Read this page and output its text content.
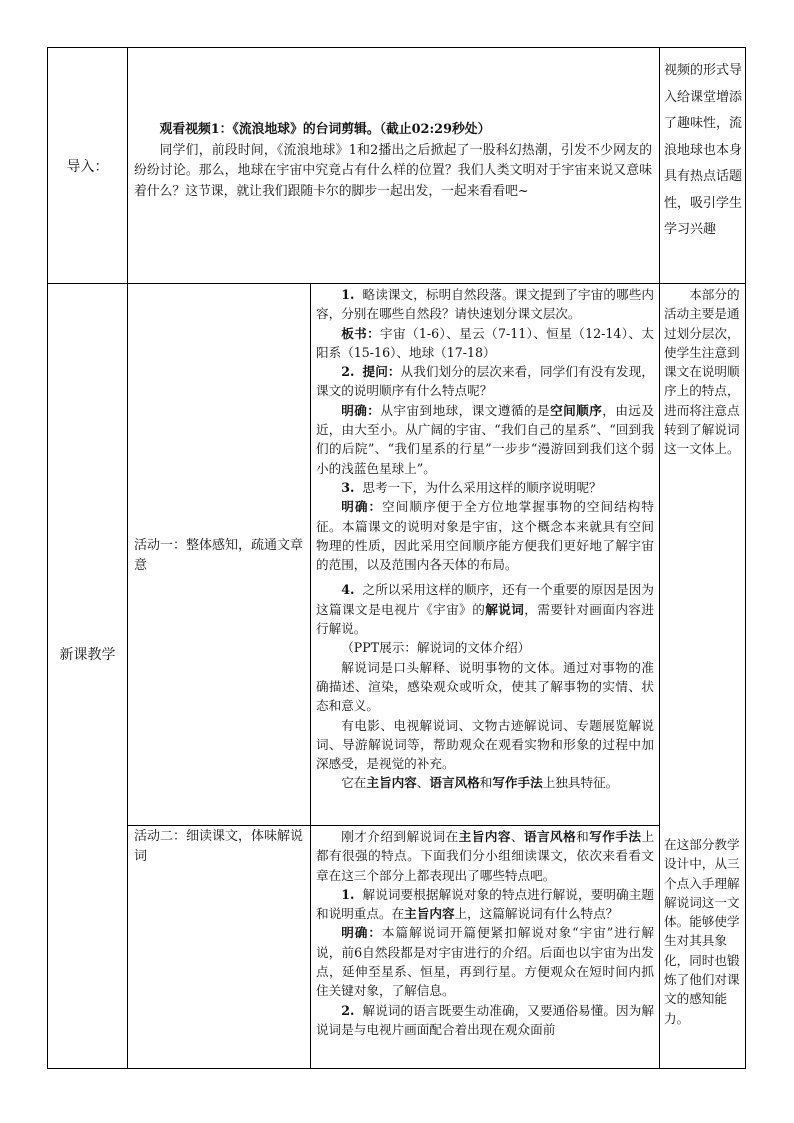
导入：

观看视频1：《流浪地球》的台词剪辑。（截止02:29秒处）

同学们，前段时间，《流浪地球》1和2播出之后掀起了一股科幻热潮，引发不少网友的纷纷讨论。那么，地球在宇宙中究竟占有什么样的位置？我们人类文明对于宇宙来说又意味着什么？这节课，就让我们跟随卡尔的脚步一起出发，一起来看看吧~

视频的形式导入给课堂增添了趣味性，流浪地球也本身具有热点话题性，吸引学生学习兴趣
新课教学
活动一：整体感知，疏通文章意

1. 略读课文，标明自然段落。课文提到了宇宙的哪些内容，分别在哪些自然段？请快速划分课文层次。

板书：宇宙（1-6）、星云（7-11）、恒星（12-14）、太阳系（15-16）、地球（17-18）

2. 提问：从我们划分的层次来看，同学们有没有发现，课文的说明顺序有什么特点呢？

明确：从宇宙到地球，课文遵循的是空间顺序，由远及近，由大至小。从广阔的宇宙、“我们自己的星系”、“回到我们的后院”、“我们星系的行星”一步步“漫游回到我们这个弱小的浅蓝色星球上”。

3. 思考一下，为什么采用这样的顺序说明呢？

明确：空间顺序便于全方位地掌握事物的空间结构特征。本篇课文的说明对象是宇宙，这个概念本来就具有空间物理的性质，因此采用空间顺序能方便我们更好地了解宇宙的范围，以及范围内各天体的布局。

4. 之所以采用这样的顺序，还有一个重要的原因是因为这篇课文是电视片《宇宙》的解说词，需要针对画面内容进行解说。

（PPT展示：解说词的文体介绍）

解说词是口头解释、说明事物的文体。通过对事物的准确描述、渲染，感染观众或听众，使其了解事物的实情、状态和意义。

有电影、电视解说词、文物古迹解说词、专题展览解说词、导游解说词等，帮助观众在观看实物和形象的过程中加深感受，是视觉的补充。

它在主旨内容、语言风格和写作手法上独具特征。

本部分的活动主要是通过划分层次，使学生注意到课文在说明顺序上的特点，进而将注意点转到了解说词这一文体上。
活动二：细读课文，体味解说词

刚才介绍到解说词在主旨内容、语言风格和写作手法上都有很强的特点。下面我们分小组细读课文，依次来看看文章在这三个部分上都表现出了哪些特点吧。

1. 解说词要根据解说对象的特点进行解说，要明确主题和说明重点。在主旨内容上，这篇解说词有什么特点？

明确：本篇解说词开篇便紧扣解说对象“宇宙”进行解说，前6自然段都是对宇宙进行的介绍。后面也以宇宙为出发点，延伸至星系、恒星，再到行星。方便观众在短时间内抓住关键对象，了解信息。

2. 解说词的语言既要生动准确，又要通俗易懂。因为解说词是与电视片画面配合着出现在观众面前

在这部分教学设计中，从三个点入手理解解说词这一文体。能够使学生对其具象化，同时也锻炼了他们对课文的感知能力。
